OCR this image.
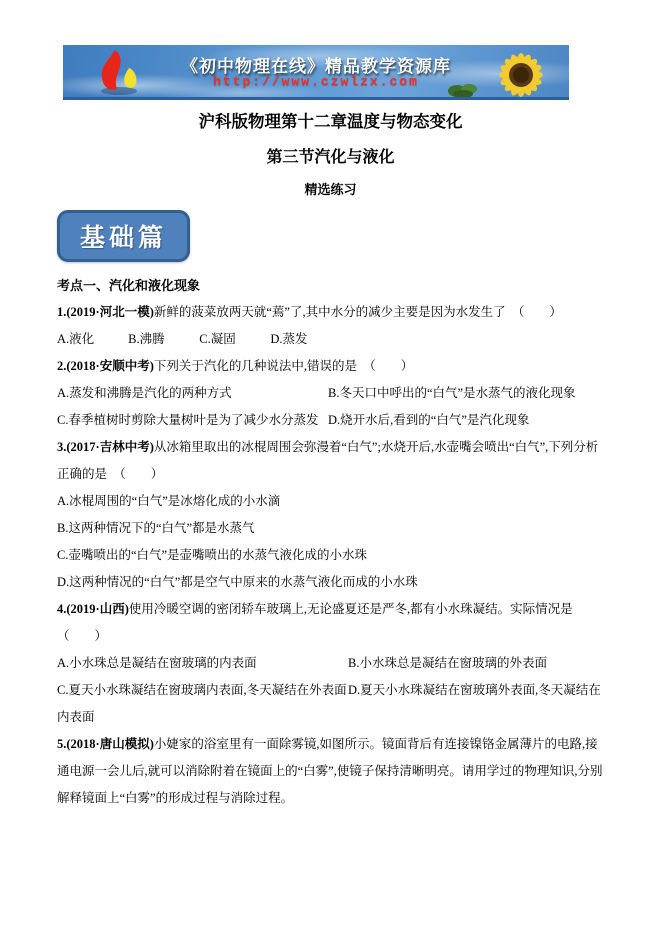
《初中物理在线》精品教学资源库
http://www.czwlzx.com
沪科版物理第十二章温度与物态变化
第三节汽化与液化
精选练习
基础篇
考点一、汽化和液化现象

1.(2019·河北一模)新鲜的菠菜放两天就“蔫”了,其中水分的减少主要是因为水发生了　（　　）

A.液化	B.沸腾	C.凝固	D.蒸发

2.(2018·安顺中考)下列关于汽化的几种说法中,错误的是　（　　）

A.蒸发和沸腾是汽化的两种方式	B.冬天口中呼出的“白气”是水蒸气的液化现象
C.春季植树时剪除大量树叶是为了减少水分蒸发 D.烧开水后,看到的“白气”是汽化现象

3.(2017·吉林中考)从冰箱里取出的冰棍周围会弥漫着“白气”;水烧开后,水壶嘴会喷出“白气”,下列分析正确的是　（　　）

A.冰棍周围的“白气”是冰熔化成的小水滴

B.这两种情况下的“白气”都是水蒸气

C.壶嘴喷出的“白气”是壶嘴喷出的水蒸气液化成的小水珠

D.这两种情况的“白气”都是空气中原来的水蒸气液化而成的小水珠

4.(2019·山西)使用冷暖空调的密闭轿车玻璃上,无论盛夏还是严冬,都有小水珠凝结。实际情况是　（　　）

A.小水珠总是凝结在窗玻璃的内表面	B.小水珠总是凝结在窗玻璃的外表面
C.夏天小水珠凝结在窗玻璃内表面,冬天凝结在外表面 D.夏天小水珠凝结在窗玻璃外表面,冬天凝结在

内表面

5.(2018·唐山模拟)小婕家的浴室里有一面除雾镜,如图所示。镜面背后有连接镍铬金属薄片的电路,接通电源一会儿后,就可以消除附着在镜面上的“白雾”,使镜子保持清晰明亮。请用学过的物理知识,分别解释镜面上“白雾”的形成过程与消除过程。
